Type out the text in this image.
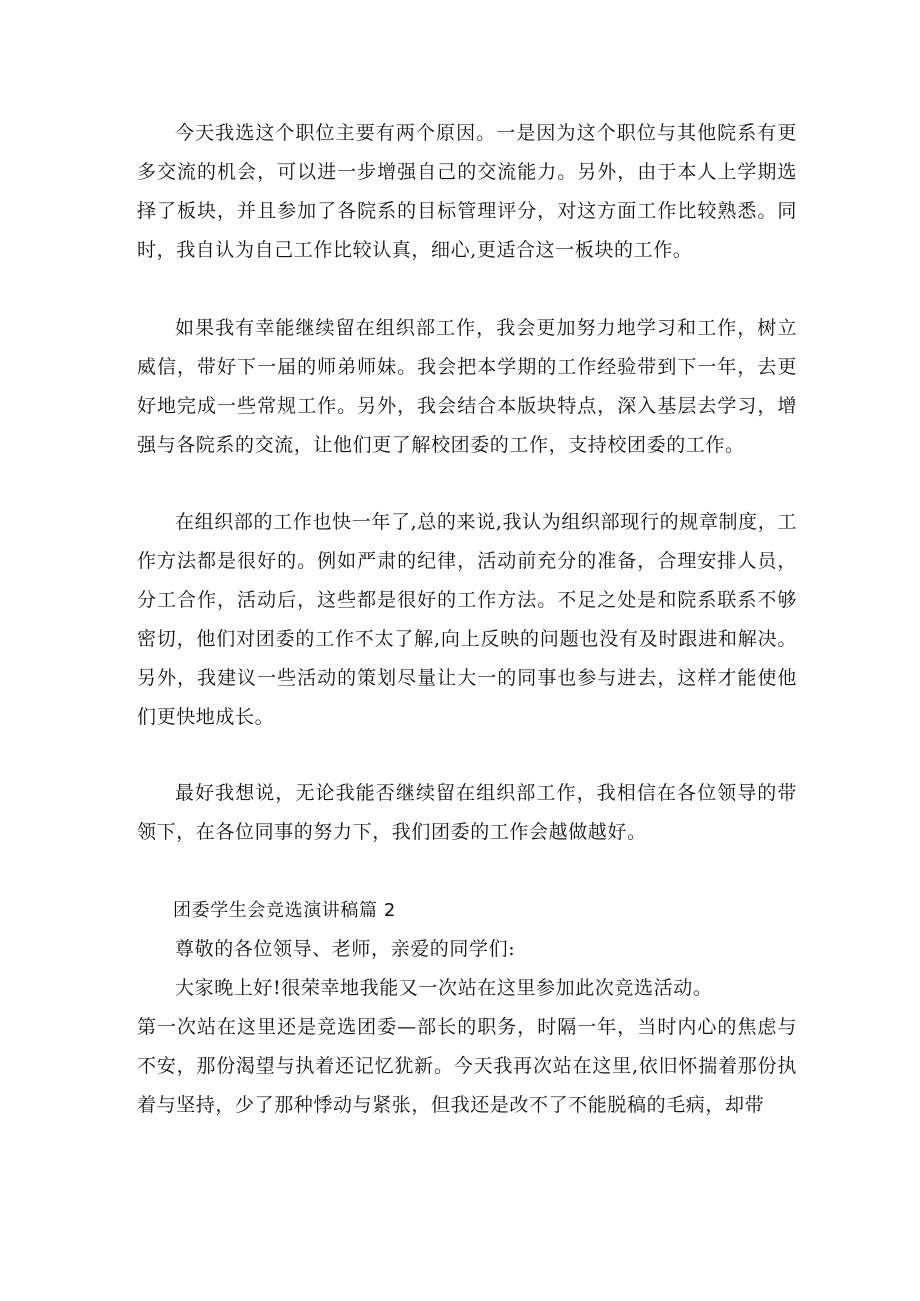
今天我选这个职位主要有两个原因。一是因为这个职位与其他院系有更多交流的机会，可以进一步增强自己的交流能力。另外，由于本人上学期选择了板块，并且参加了各院系的目标管理评分，对这方面工作比较熟悉。同时，我自认为自己工作比较认真，细心,更适合这一板块的工作。

如果我有幸能继续留在组织部工作，我会更加努力地学习和工作，树立威信，带好下一届的师弟师妹。我会把本学期的工作经验带到下一年，去更好地完成一些常规工作。另外，我会结合本版块特点，深入基层去学习，增强与各院系的交流，让他们更了解校团委的工作，支持校团委的工作。

在组织部的工作也快一年了,总的来说,我认为组织部现行的规章制度，工作方法都是很好的。例如严肃的纪律，活动前充分的准备，合理安排人员，分工合作，活动后，这些都是很好的工作方法。不足之处是和院系联系不够密切，他们对团委的工作不太了解,向上反映的问题也没有及时跟进和解决。另外，我建议一些活动的策划尽量让大一的同事也参与进去，这样才能使他们更快地成长。

最好我想说，无论我能否继续留在组织部工作，我相信在各位领导的带领下，在各位同事的努力下，我们团委的工作会越做越好。

团委学生会竞选演讲稿篇 2

尊敬的各位领导、老师，亲爱的同学们:

大家晚上好!很荣幸地我能又一次站在这里参加此次竞选活动。

第一次站在这里还是竞选团委—部长的职务，时隔一年，当时内心的焦虑与不安，那份渴望与执着还记忆犹新。今天我再次站在这里,依旧怀揣着那份执着与坚持，少了那种悸动与紧张，但我还是改不了不能脱稿的毛病，却带
